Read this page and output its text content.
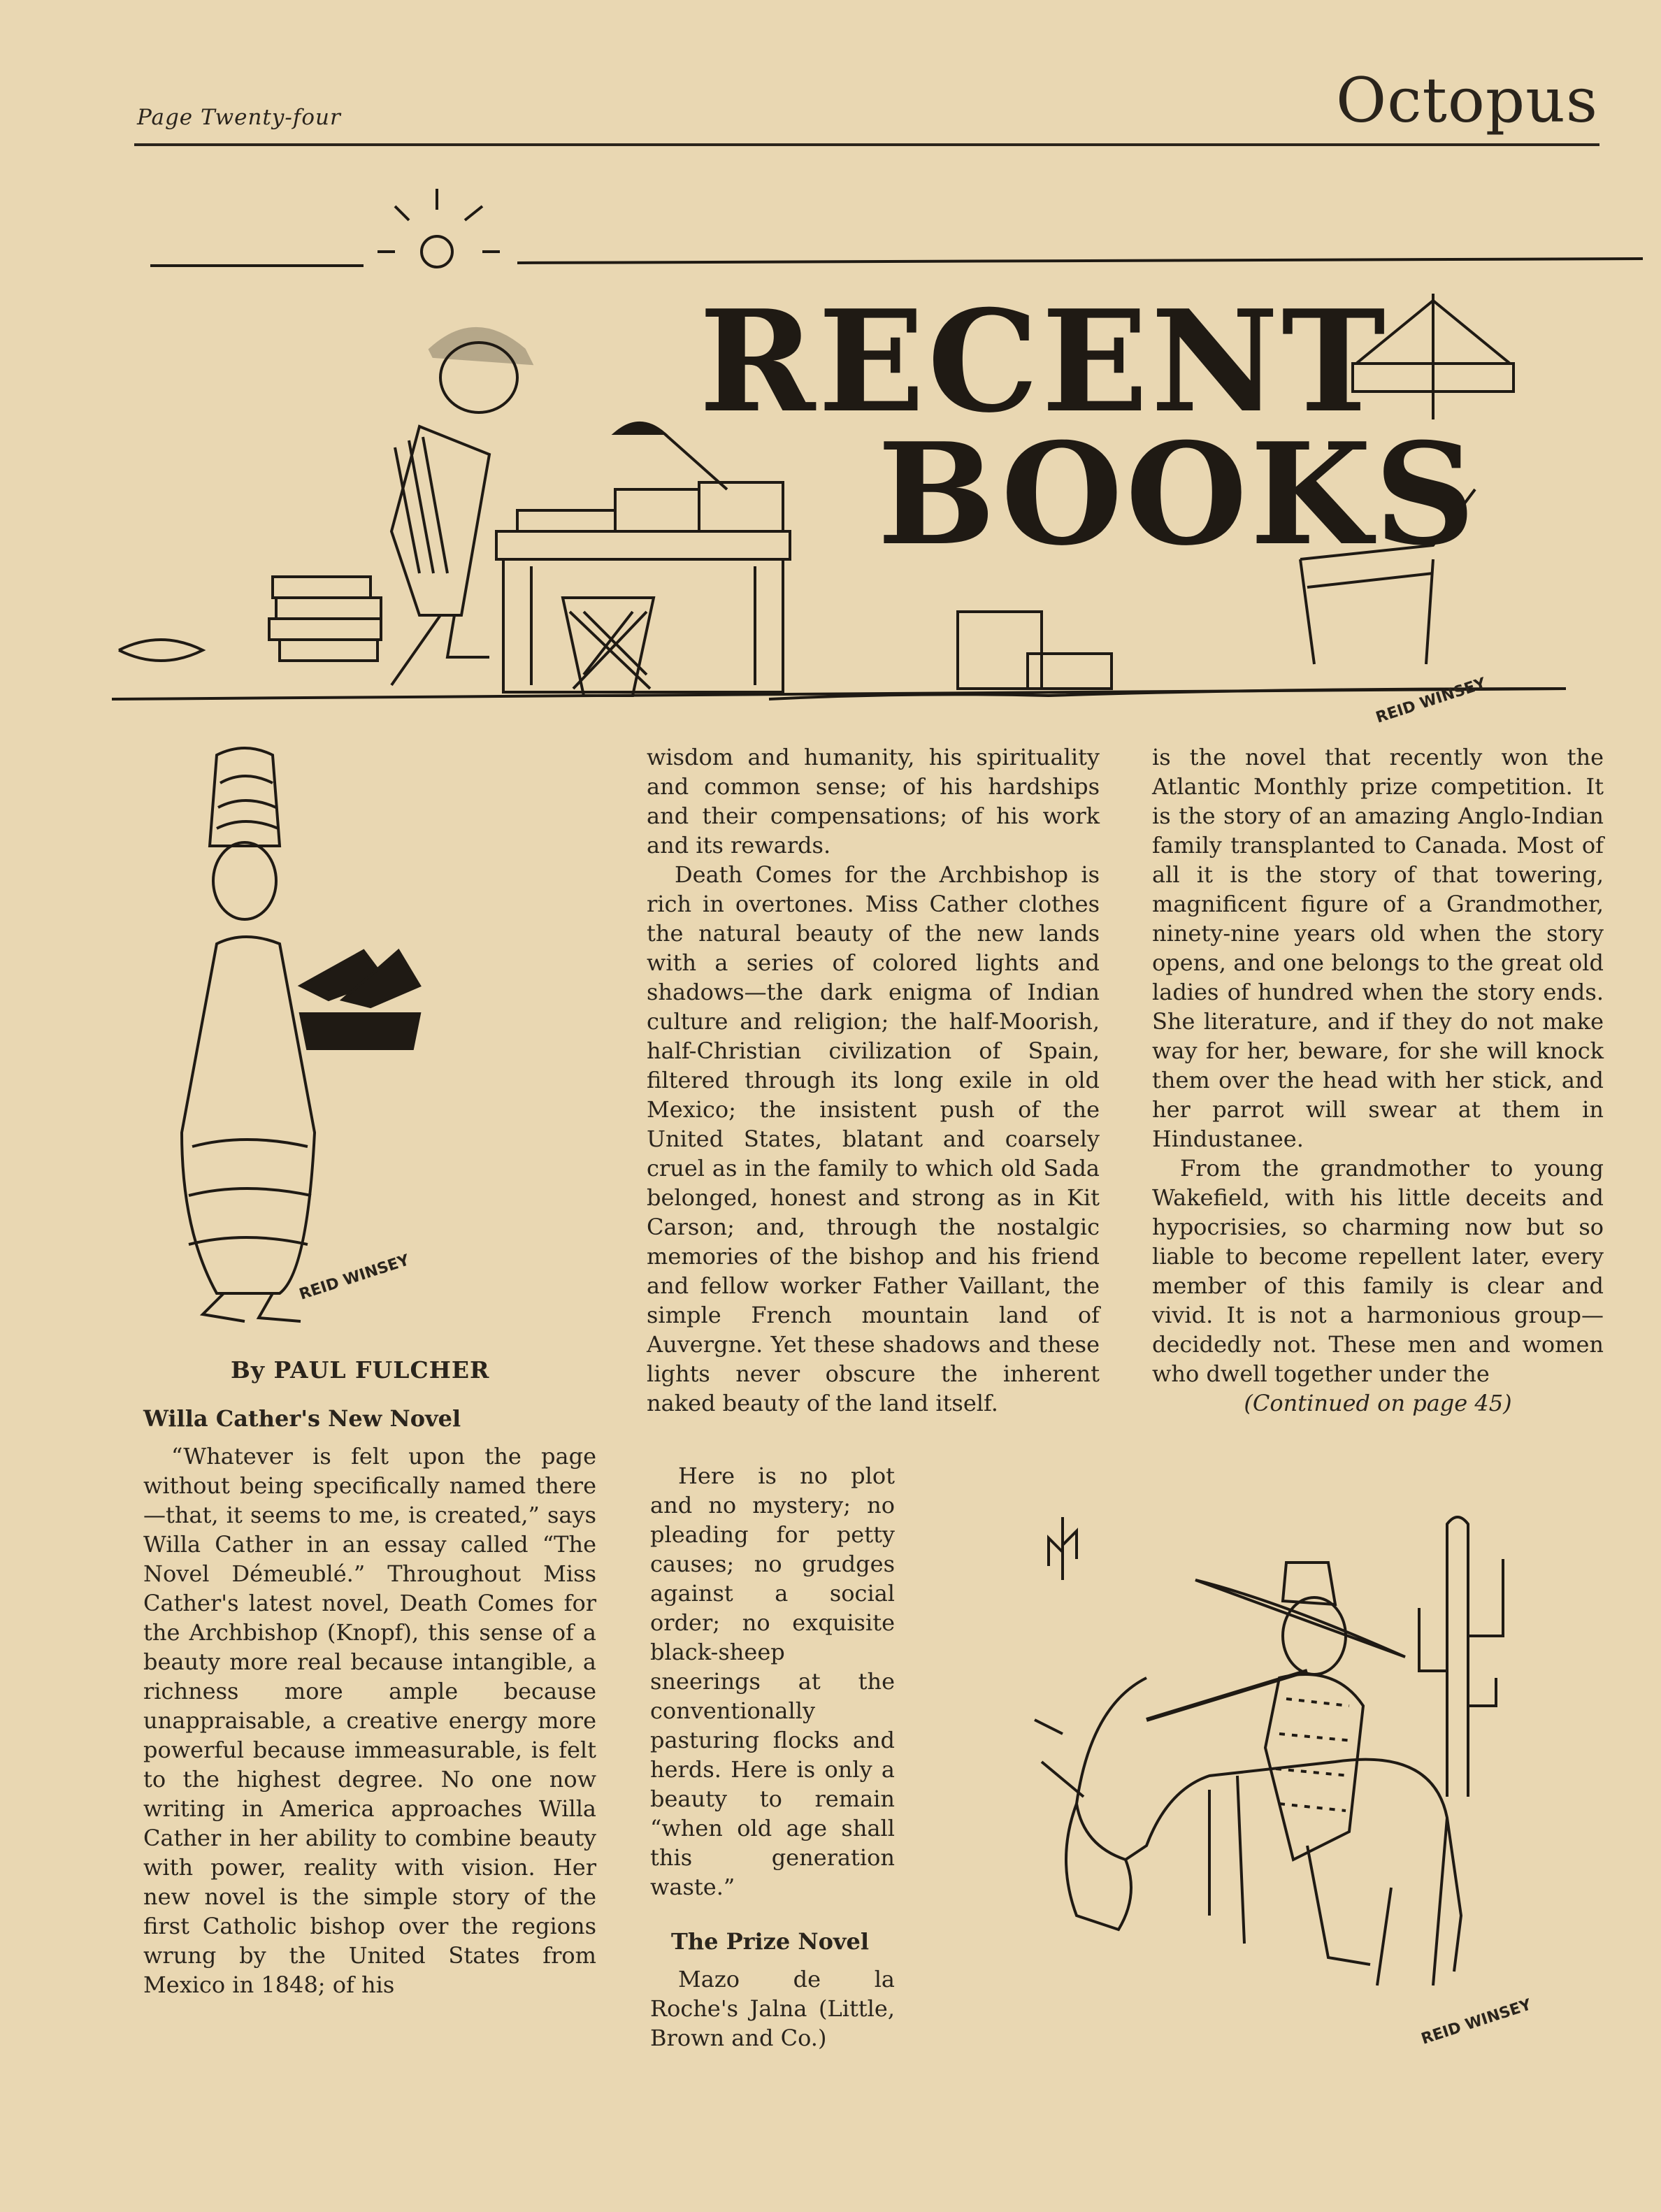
Page Twenty-four	Octopus
RECENT
BOOKS
REID WINSEY
REID WINSEY
REID WINSEY
By PAUL FULCHER

Willa Cather's New Novel

“Whatever is felt upon the page without being specifically named there—that, it seems to me, is created,” says Willa Cather in an essay called “The Novel Démeublé.” Throughout Miss Cather's latest novel, Death Comes for the Archbishop (Knopf), this sense of a beauty more real because intangible, a richness more ample because unappraisable, a creative energy more powerful because immeasurable, is felt to the highest degree. No one now writing in America approaches Willa Cather in her ability to combine beauty with power, reality with vision. Her new novel is the simple story of the first Catholic bishop over the regions wrung by the United States from Mexico in 1848; of his

wisdom and humanity, his spirituality and common sense; of his hardships and their compensations; of his work and its rewards.

Death Comes for the Archbishop is rich in overtones. Miss Cather clothes the natural beauty of the new lands with a series of colored lights and shadows—the dark enigma of Indian culture and religion; the half-Moorish, half-Christian civilization of Spain, filtered through its long exile in old Mexico; the insistent push of the United States, blatant and coarsely cruel as in the family to which old Sada belonged, honest and strong as in Kit Carson; and, through the nostalgic memories of the bishop and his friend and fellow worker Father Vaillant, the simple French mountain land of Auvergne. Yet these shadows and these lights never obscure the inherent naked beauty of the land itself.

Here is no plot and no mystery; no pleading for petty causes; no grudges against a social order; no exquisite black-sheep sneerings at the conventionally pasturing flocks and herds. Here is only a beauty to remain “when old age shall this generation waste.”

The Prize Novel

Mazo de la Roche's Jalna (Little, Brown and Co.)

is the novel that recently won the Atlantic Monthly prize competition. It is the story of an amazing Anglo-Indian family transplanted to Canada. Most of all it is the story of that towering, magnificent figure of a Grandmother, ninety-nine years old when the story opens, and one belongs to the great old ladies of hundred when the story ends. She literature, and if they do not make way for her, beware, for she will knock them over the head with her stick, and her parrot will swear at them in Hindustanee.

From the grandmother to young Wakefield, with his little deceits and hypocrisies, so charming now but so liable to become repellent later, every member of this family is clear and vivid. It is not a harmonious group—decidedly not. These men and women who dwell together under the

(Continued on page 45)
